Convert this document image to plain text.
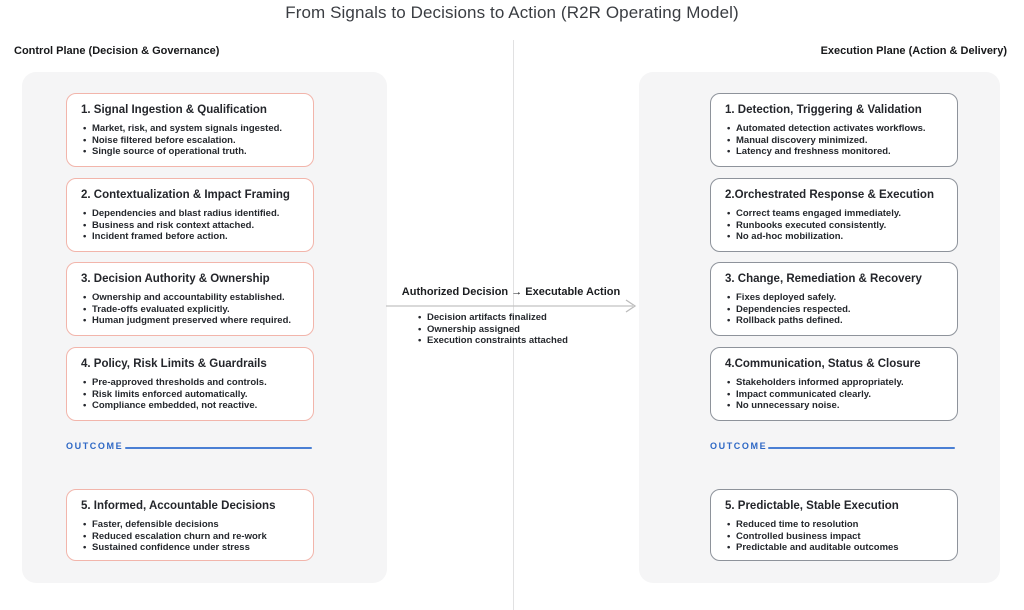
From Signals to Decisions to Action (R2R Operating Model)
Control Plane (Decision & Governance)	Execution Plane (Action & Delivery)
1. Signal Ingestion & Qualification
• Market, risk, and system signals ingested.
• Noise filtered before escalation.
• Single source of operational truth.
2. Contextualization & Impact Framing
• Dependencies and blast radius identified.
• Business and risk context attached.
• Incident framed before action.
3. Decision Authority & Ownership
• Ownership and accountability established.
• Trade-offs evaluated explicitly.
• Human judgment preserved where required.
4. Policy, Risk Limits & Guardrails
• Pre-approved thresholds and controls.
• Risk limits enforced automatically.
• Compliance embedded, not reactive.
OUTCOME
5. Informed, Accountable Decisions
• Faster, defensible decisions
• Reduced escalation churn and re-work
• Sustained confidence under stress
1. Detection, Triggering & Validation
• Automated detection activates workflows.
• Manual discovery minimized.
• Latency and freshness monitored.
2.Orchestrated Response & Execution
• Correct teams engaged immediately.
• Runbooks executed consistently.
• No ad-hoc mobilization.
3. Change, Remediation & Recovery
• Fixes deployed safely.
• Dependencies respected.
• Rollback paths defined.
4.Communication, Status & Closure
• Stakeholders informed appropriately.
• Impact communicated clearly.
• No unnecessary noise.
OUTCOME
5. Predictable, Stable Execution
• Reduced time to resolution
• Controlled business impact
• Predictable and auditable outcomes
Authorized Decision → Executable Action
• Decision artifacts finalized
• Ownership assigned
• Execution constraints attached
